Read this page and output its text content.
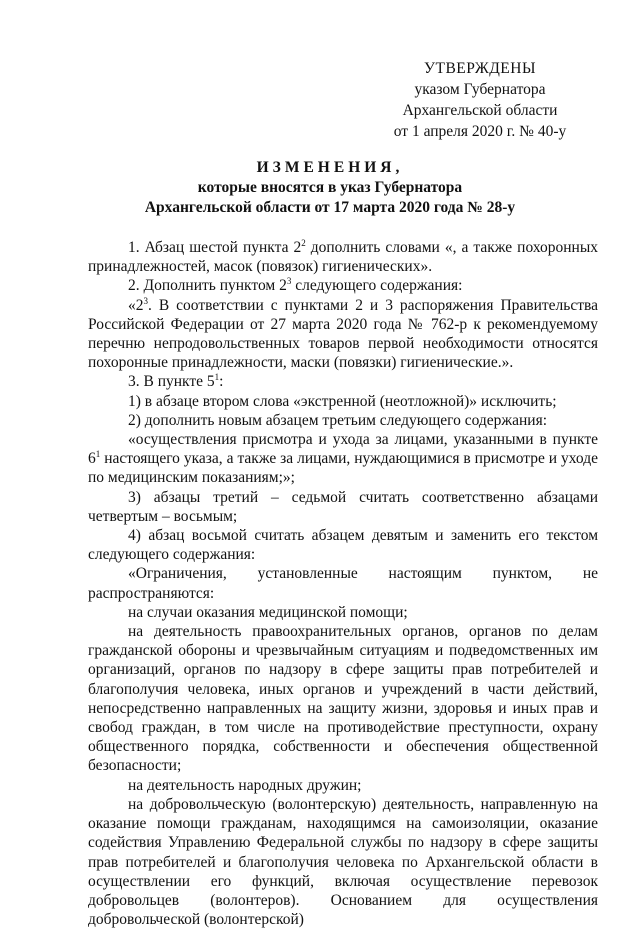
УТВЕРЖДЕНЫ
указом Губернатора
Архангельской области
от 1 апреля 2020 г. № 40-у
ИЗМЕНЕНИЯ,
которые вносятся в указ Губернатора
Архангельской области от 17 марта 2020 года № 28-у

1. Абзац шестой пункта $2^2$ дополнить словами «, а также похоронных принадлежностей, масок (повязок) гигиенических».

2. Дополнить пунктом $2^3$ следующего содержания:

«$2^3$. В соответствии с пунктами 2 и 3 распоряжения Правительства Российской Федерации от 27 марта 2020 года № 762-р к рекомендуемому перечню непродовольственных товаров первой необходимости относятся похоронные принадлежности, маски (повязки) гигиенические.».

3. В пункте $5^1$:

1) в абзаце втором слова «экстренной (неотложной)» исключить;

2) дополнить новым абзацем третьим следующего содержания:

«осуществления присмотра и ухода за лицами, указанными в пункте $6^1$ настоящего указа, а также за лицами, нуждающимися в присмотре и уходе по медицинским показаниям;»;

3) абзацы третий – седьмой считать соответственно абзацами четвертым – восьмым;

4) абзац восьмой считать абзацем девятым и заменить его текстом следующего содержания:

«Ограничения, установленные настоящим пунктом, не распространяются:

на случаи оказания медицинской помощи;

на деятельность правоохранительных органов, органов по делам гражданской обороны и чрезвычайным ситуациям и подведомственных им организаций, органов по надзору в сфере защиты прав потребителей и благополучия человека, иных органов и учреждений в части действий, непосредственно направленных на защиту жизни, здоровья и иных прав и свобод граждан, в том числе на противодействие преступности, охрану общественного порядка, собственности и обеспечения общественной безопасности;

на деятельность народных дружин;

на добровольческую (волонтерскую) деятельность, направленную на оказание помощи гражданам, находящимся на самоизоляции, оказание содействия Управлению Федеральной службы по надзору в сфере защиты прав потребителей и благополучия человека по Архангельской области в осуществлении его функций, включая осуществление перевозок добровольцев (волонтеров). Основанием для осуществления добровольческой (волонтерской)
